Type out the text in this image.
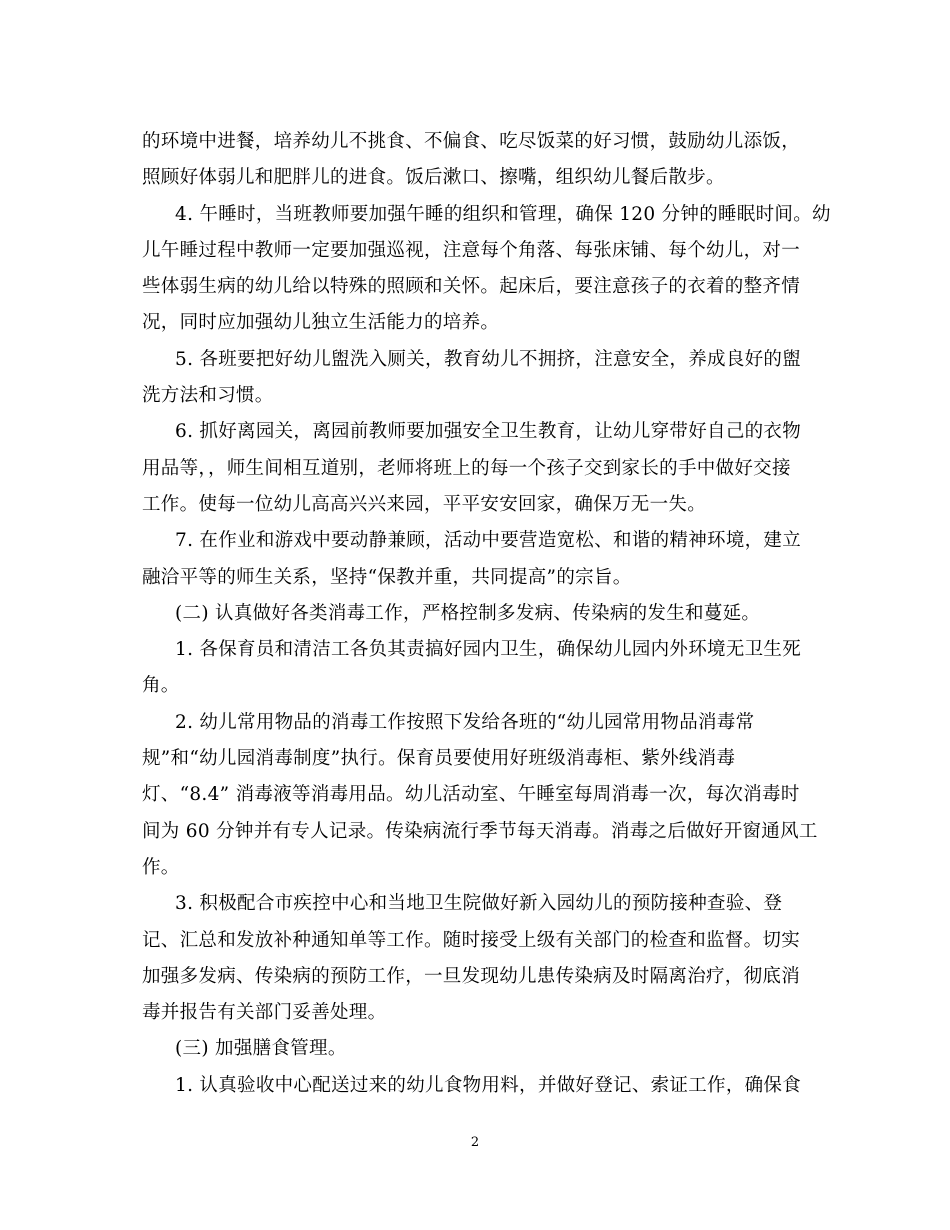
的环境中进餐，培养幼儿不挑食、不偏食、吃尽饭菜的好习惯，鼓励幼儿添饭，
照顾好体弱儿和肥胖儿的进食。饭后漱口、擦嘴，组织幼儿餐后散步。
4. 午睡时，当班教师要加强午睡的组织和管理，确保 120 分钟的睡眠时间。幼
儿午睡过程中教师一定要加强巡视，注意每个角落、每张床铺、每个幼儿，对一
些体弱生病的幼儿给以特殊的照顾和关怀。起床后，要注意孩子的衣着的整齐情
况，同时应加强幼儿独立生活能力的培养。
5. 各班要把好幼儿盥洗入厕关，教育幼儿不拥挤，注意安全，养成良好的盥
洗方法和习惯。
6. 抓好离园关，离园前教师要加强安全卫生教育，让幼儿穿带好自己的衣物
用品等，，师生间相互道别，老师将班上的每一个孩子交到家长的手中做好交接
工作。使每一位幼儿高高兴兴来园，平平安安回家，确保万无一失。
7. 在作业和游戏中要动静兼顾，活动中要营造宽松、和谐的精神环境，建立
融洽平等的师生关系，坚持“保教并重，共同提高”的宗旨。
(二) 认真做好各类消毒工作，严格控制多发病、传染病的发生和蔓延。
1. 各保育员和清洁工各负其责搞好园内卫生，确保幼儿园内外环境无卫生死
角。
2. 幼儿常用物品的消毒工作按照下发给各班的“幼儿园常用物品消毒常
规”和“幼儿园消毒制度”执行。保育员要使用好班级消毒柜、紫外线消毒
灯、“8.4” 消毒液等消毒用品。幼儿活动室、午睡室每周消毒一次，每次消毒时
间为 60 分钟并有专人记录。传染病流行季节每天消毒。消毒之后做好开窗通风工
作。
3. 积极配合市疾控中心和当地卫生院做好新入园幼儿的预防接种查验、登
记、汇总和发放补种通知单等工作。随时接受上级有关部门的检查和监督。切实
加强多发病、传染病的预防工作，一旦发现幼儿患传染病及时隔离治疗，彻底消
毒并报告有关部门妥善处理。
(三) 加强膳食管理。
1. 认真验收中心配送过来的幼儿食物用料，并做好登记、索证工作，确保食
2
